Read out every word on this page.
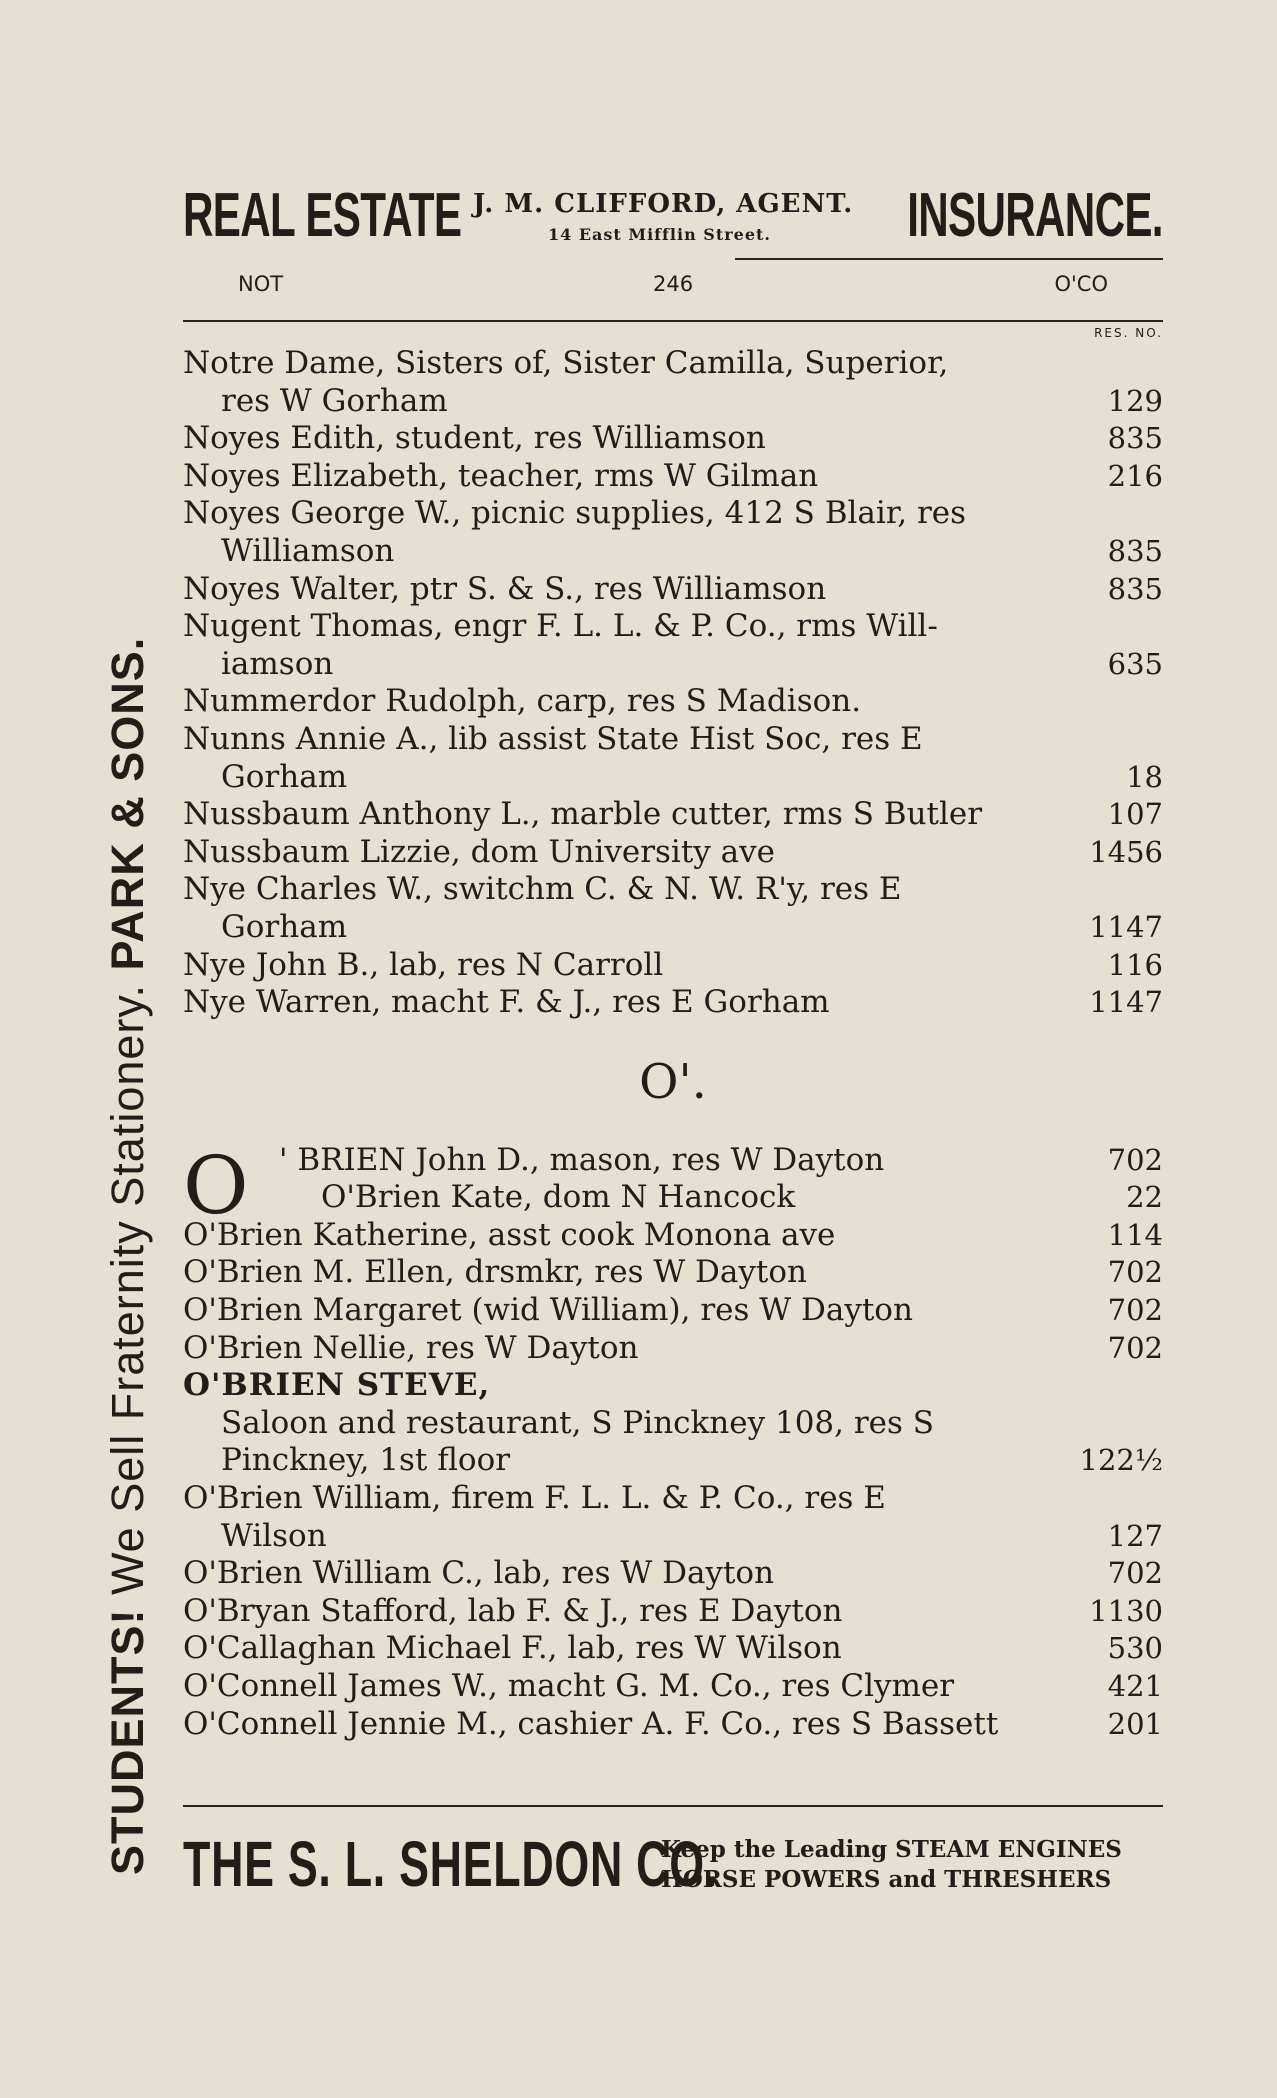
STUDENTS! We Sell Fraternity Stationery. PARK & SONS.
REAL ESTATE J. M. CLIFFORD, AGENT.
14 East Mifflin Street. INSURANCE.
NOT	246	O'CO
RES. NO.
Notre Dame, Sisters of, Sister Camilla, Superior,
res W Gorham	129
Noyes Edith, student, res Williamson	835
Noyes Elizabeth, teacher, rms W Gilman	216
Noyes George W., picnic supplies, 412 S Blair, res
Williamson	835
Noyes Walter, ptr S. & S., res Williamson	835
Nugent Thomas, engr F. L. L. & P. Co., rms Will-
iamson	635
Nummerdor Rudolph, carp, res S Madison.
Nunns Annie A., lib assist State Hist Soc, res E
Gorham	18
Nussbaum Anthony L., marble cutter, rms S Butler	107
Nussbaum Lizzie, dom University ave	1456
Nye Charles W., switchm C. & N. W. R'y, res E
Gorham	1147
Nye John B., lab, res N Carroll	116
Nye Warren, macht F. & J., res E Gorham	1147
O'.
O ' BRIEN John D., mason, res W Dayton	702
O'Brien Kate, dom N Hancock	22
O'Brien Katherine, asst cook Monona ave	114
O'Brien M. Ellen, drsmkr, res W Dayton	702
O'Brien Margaret (wid William), res W Dayton	702
O'Brien Nellie, res W Dayton	702
O'BRIEN STEVE,
Saloon and restaurant, S Pinckney 108, res S
Pinckney, 1st floor	122½
O'Brien William, firem F. L. L. & P. Co., res E
Wilson	127
O'Brien William C., lab, res W Dayton	702
O'Bryan Stafford, lab F. & J., res E Dayton	1130
O'Callaghan Michael F., lab, res W Wilson	530
O'Connell James W., macht G. M. Co., res Clymer	421
O'Connell Jennie M., cashier A. F. Co., res S Bassett	201
THE S. L. SHELDON CO.
Keep the Leading STEAM ENGINES
HORSE POWERS and THRESHERS
